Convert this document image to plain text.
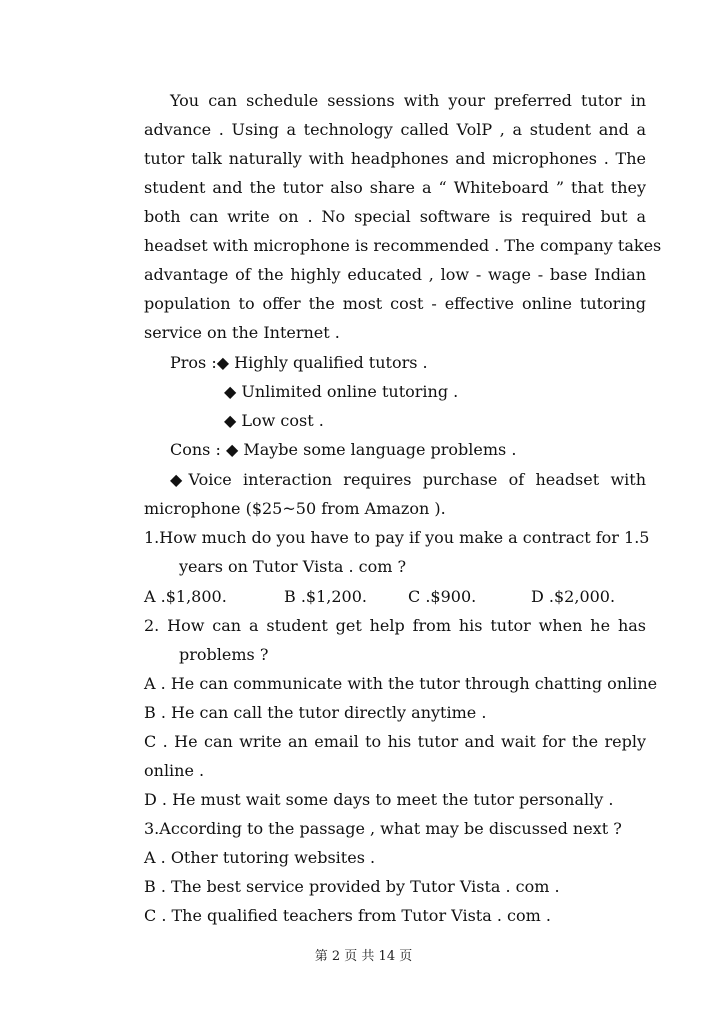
You can schedule sessions with your preferred tutor in
advance . Using a technology called VolP , a student and a
tutor talk naturally with headphones and microphones . The
student and the tutor also share a “ Whiteboard ” that they
both can write on . No special software is required but a
headset with microphone is recommended . The company takes
advantage of the highly educated , low - wage - base Indian
population to offer the most cost - effective online tutoring
service on the Internet .
Pros :◆ Highly qualified tutors .
◆ Unlimited online tutoring .
◆ Low cost .
Cons : ◆ Maybe some language problems .
◆Voice interaction requires purchase of headset with
microphone ($25~50 from Amazon ).
1.How much do you have to pay if you make a contract for 1.5
years on Tutor Vista . com ?
A .$1,800.	B .$1,200.	C .$900.	D .$2,000.
2. How can a student get help from his tutor when he has
problems ?
A . He can communicate with the tutor through chatting online
B . He can call the tutor directly anytime .
C . He can write an email to his tutor and wait for the reply
online .
D . He must wait some days to meet the tutor personally .
3.According to the passage , what may be discussed next ?
A . Other tutoring websites .
B . The best service provided by Tutor Vista . com .
C . The qualified teachers from Tutor Vista . com .
第 2 页 共 14 页
